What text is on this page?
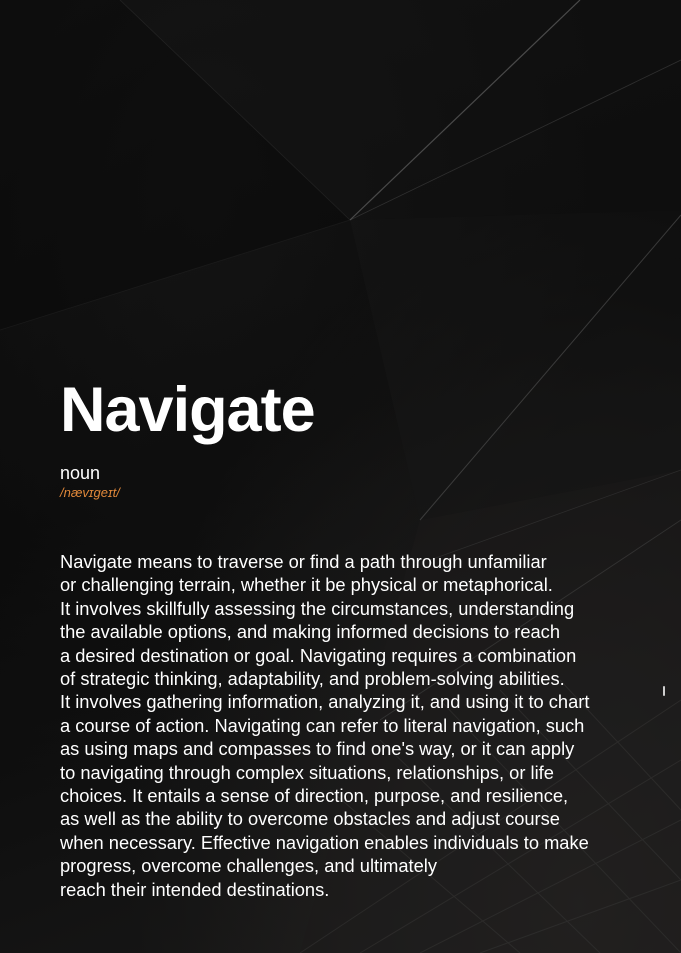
Navigate
noun
/nævɪgeɪt/
Navigate means to traverse or find a path through unfamiliar
or challenging terrain, whether it be physical or metaphorical.
It involves skillfully assessing the circumstances, understanding
the available options, and making informed decisions to reach
a desired destination or goal. Navigating requires a combination
of strategic thinking, adaptability, and problem-solving abilities.
It involves gathering information, analyzing it, and using it to chart
a course of action. Navigating can refer to literal navigation, such
as using maps and compasses to find one's way, or it can apply
to navigating through complex situations, relationships, or life
choices. It entails a sense of direction, purpose, and resilience,
as well as the ability to overcome obstacles and adjust course
when necessary. Effective navigation enables individuals to make
progress, overcome challenges, and ultimately
reach their intended destinations.
